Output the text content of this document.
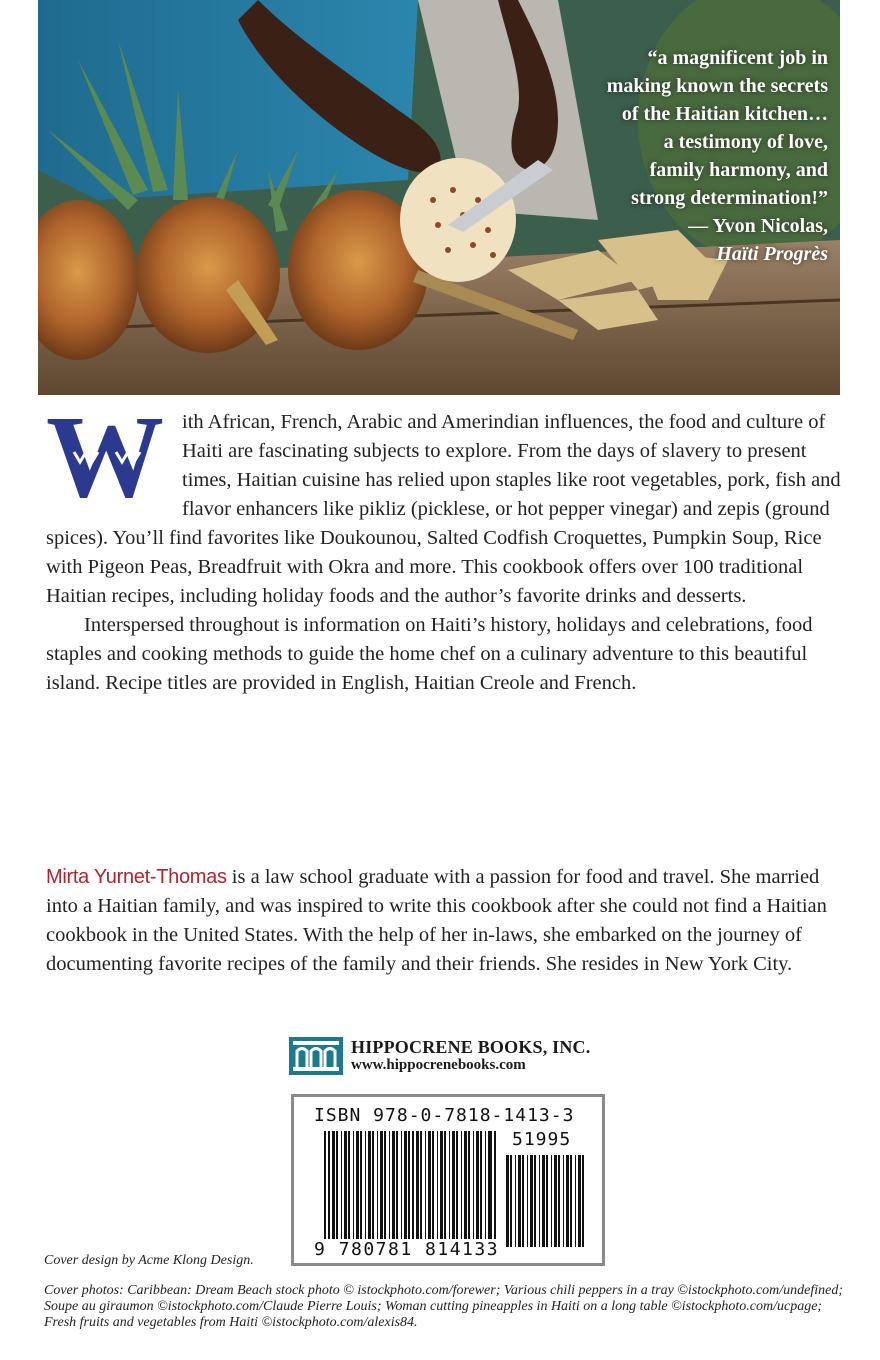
“a magnificent job in
making known the secrets
of the Haitian kitchen…
a testimony of love,
family harmony, and
strong determination!”
— Yvon Nicolas,
Haïti Progrès
W ith African, French, Arabic and Amerindian influences, the food and culture of Haiti are fascinating subjects to explore. From the days of slavery to present times, Haitian cuisine has relied upon staples like root vegetables, pork, fish and flavor enhancers like pikliz (picklese, or hot pepper vinegar) and zepis (ground spices). You’ll find favorites like Doukounou, Salted Codfish Croquettes, Pumpkin Soup, Rice with Pigeon Peas, Breadfruit with Okra and more. This cookbook offers over 100 traditional Haitian recipes, including holiday foods and the author’s favorite drinks and desserts.

Interspersed throughout is information on Haiti’s history, holidays and celebrations, food staples and cooking methods to guide the home chef on a culinary adventure to this beautiful island. Recipe titles are provided in English, Haitian Creole and French.

Mirta Yurnet-Thomas is a law school graduate with a passion for food and travel. She married into a Haitian family, and was inspired to write this cookbook after she could not find a Haitian cookbook in the United States. With the help of her in-laws, she embarked on the journey of documenting favorite recipes of the family and their friends. She resides in New York City.
HIPPOCRENE BOOKS, INC.
www.hippocrenebooks.com
ISBN 978-0-7818-1413-3
51995
9 780781 814133
Cover design by Acme Klong Design.
Cover photos: Caribbean: Dream Beach stock photo © istockphoto.com/forewer; Various chili peppers in a tray ©istockphoto.com/undefined; Soupe au giraumon ©istockphoto.com/Claude Pierre Louis; Woman cutting pineapples in Haiti on a long table ©istockphoto.com/ucpage; Fresh fruits and vegetables from Haiti ©istockphoto.com/alexis84.
